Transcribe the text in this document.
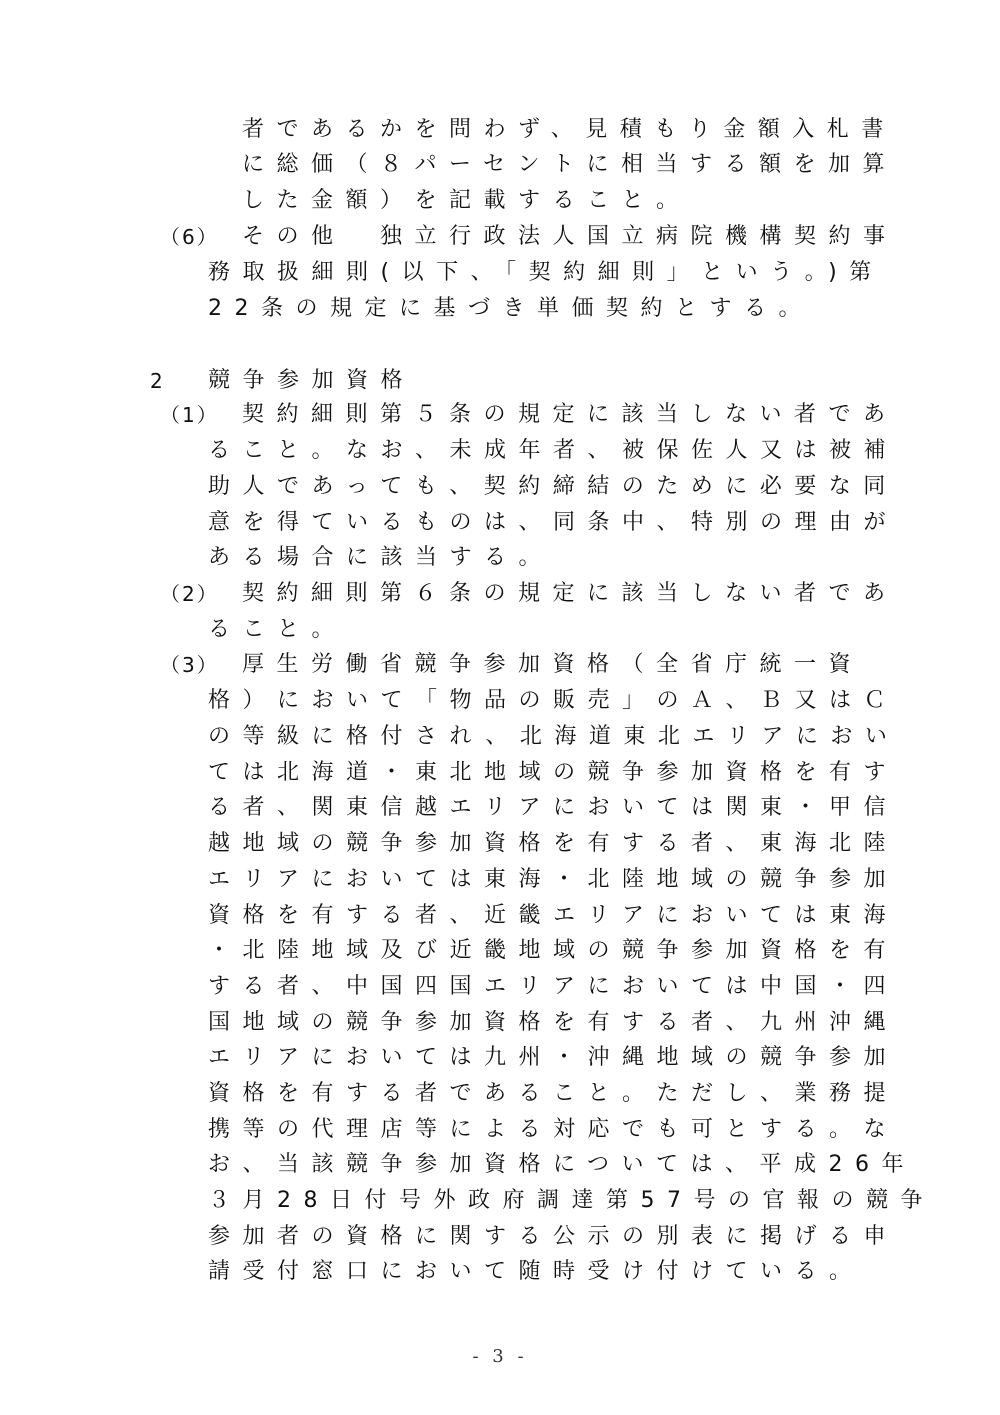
者であるかを問わず、見積もり金額入札書
に総価（８パーセントに相当する額を加算
した金額）を記載すること。
（6） その他　独立行政法人国立病院機構契約事
務取扱細則(以下、「契約細則」という。)第
22条の規定に基づき単価契約とする。
2 競争参加資格
（1） 契約細則第５条の規定に該当しない者であ
ること。なお、未成年者、被保佐人又は被補
助人であっても、契約締結のために必要な同
意を得ているものは、同条中、特別の理由が
ある場合に該当する。
（2） 契約細則第６条の規定に該当しない者であ
ること。
（3） 厚生労働省競争参加資格（全省庁統一資
格）において「物品の販売」のＡ、Ｂ又はＣ
の等級に格付され、北海道東北エリアにおい
ては北海道・東北地域の競争参加資格を有す
る者、関東信越エリアにおいては関東・甲信
越地域の競争参加資格を有する者、東海北陸
エリアにおいては東海・北陸地域の競争参加
資格を有する者、近畿エリアにおいては東海
・北陸地域及び近畿地域の競争参加資格を有
する者、中国四国エリアにおいては中国・四
国地域の競争参加資格を有する者、九州沖縄
エリアにおいては九州・沖縄地域の競争参加
資格を有する者であること。ただし、業務提
携等の代理店等による対応でも可とする。な
お、当該競争参加資格については、平成26年
３月28日付号外政府調達第57号の官報の競争
参加者の資格に関する公示の別表に掲げる申
請受付窓口において随時受け付けている。
- 3 -
